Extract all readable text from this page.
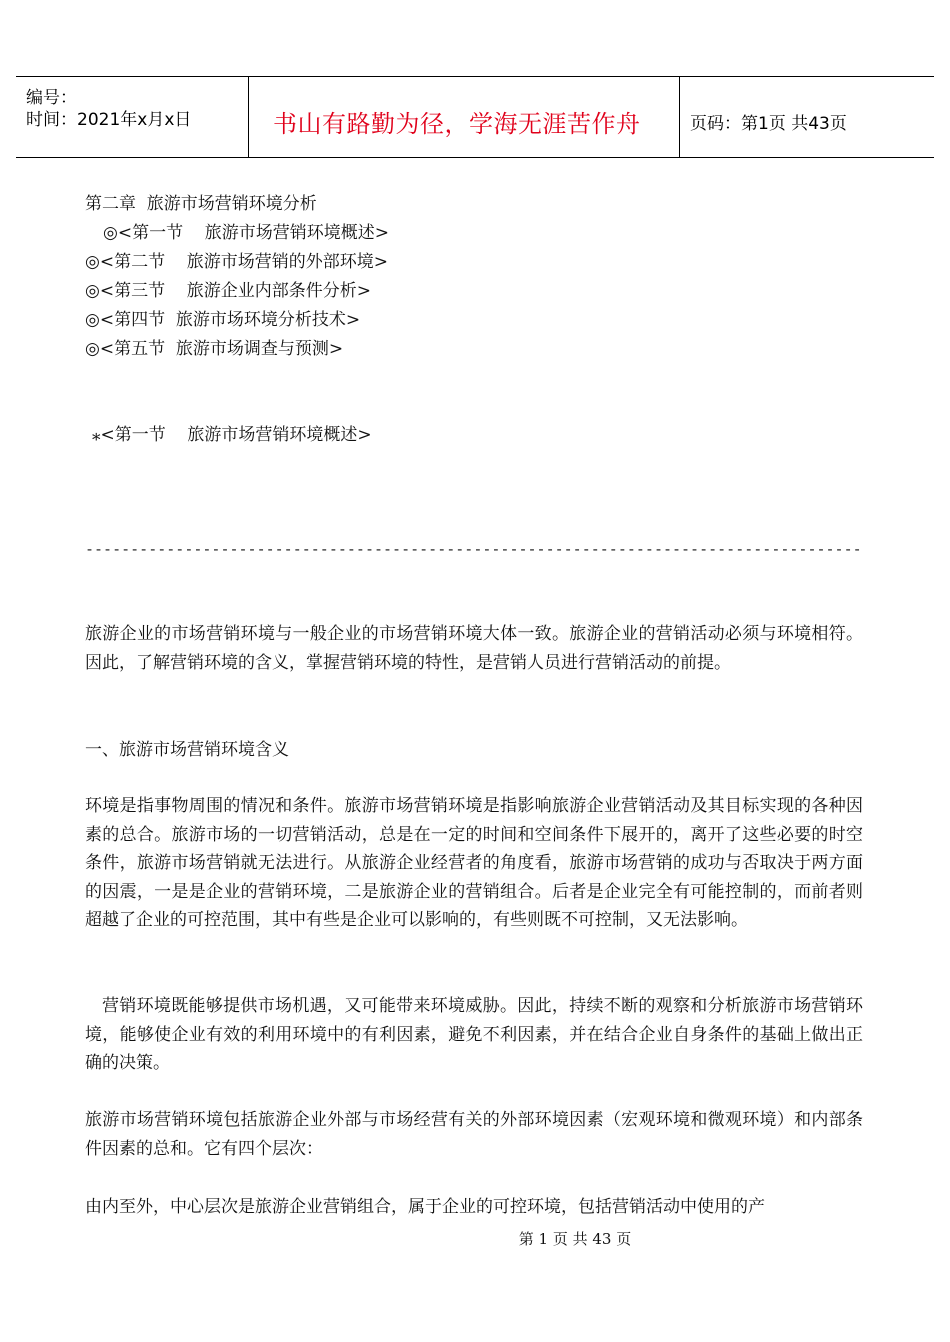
编号：
时间：2021年x月x日	书山有路勤为径，学海无涯苦作舟	页码：第1页 共43页
第二章  旅游市场营销环境分析
◎<第一节    旅游市场营销环境概述>
◎<第二节    旅游市场营销的外部环境>
◎<第三节    旅游企业内部条件分析>
◎<第四节  旅游市场环境分析技术>
◎<第五节  旅游市场调查与预测>
⁎<第一节    旅游市场营销环境概述>
--------------------------------------------------------------------------------------
旅游企业的市场营销环境与一般企业的市场营销环境大体一致。旅游企业的营销活动必须与环境相符。因此，了解营销环境的含义，掌握营销环境的特性，是营销人员进行营销活动的前提。
一、旅游市场营销环境含义
环境是指事物周围的情况和条件。旅游市场营销环境是指影响旅游企业营销活动及其目标实现的各种因素的总合。旅游市场的一切营销活动，总是在一定的时间和空间条件下展开的，离开了这些必要的时空条件，旅游市场营销就无法进行。从旅游企业经营者的角度看，旅游市场营销的成功与否取决于两方面的因震，一是是企业的营销环境，二是旅游企业的营销组合。后者是企业完全有可能控制的，而前者则超越了企业的可控范围，其中有些是企业可以影响的，有些则既不可控制，又无法影响。
营销环境既能够提供市场机遇，又可能带来环境威胁。因此，持续不断的观察和分析旅游市场营销环境，能够使企业有效的利用环境中的有利因素，避免不利因素，并在结合企业自身条件的基础上做出正确的决策。
旅游市场营销环境包括旅游企业外部与市场经营有关的外部环境因素（宏观环境和微观环境）和内部条件因素的总和。它有四个层次：
由内至外，中心层次是旅游企业营销组合，属于企业的可控环境，包括营销活动中使用的产
第 1 页 共 43 页
